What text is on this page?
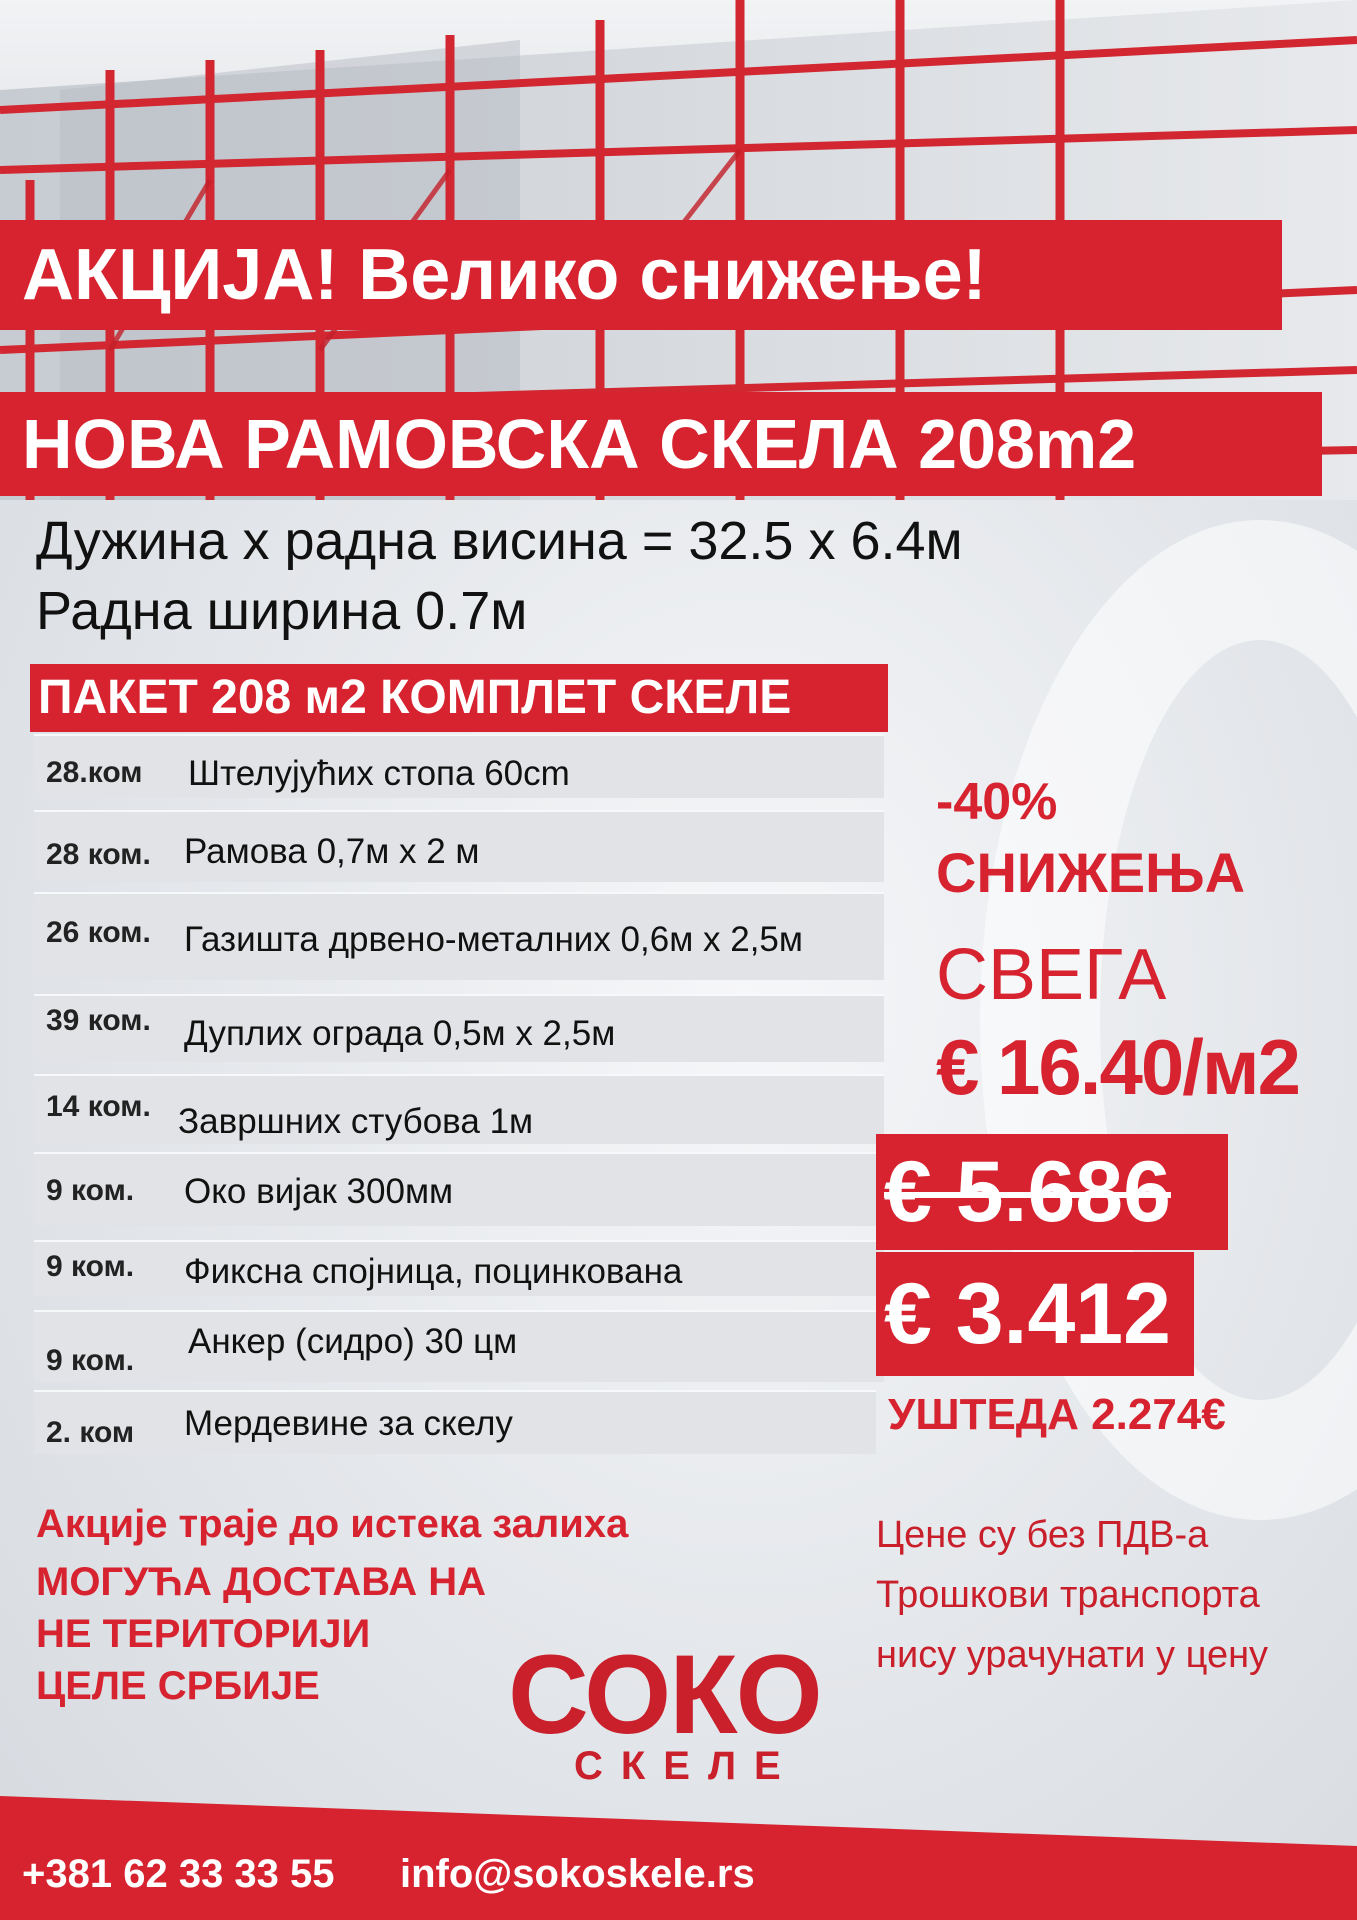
АКЦИЈА! Велико снижење!
НОВА РАМОВСКА СКЕЛА 208m2
Дужина x радна висина = 32.5 x 6.4м
Радна ширина 0.7м
ПАКЕТ 208 м2 КОМПЛЕТ СКЕЛЕ
28.ком Штелујућих стопа 60cm
28 ком. Рамова 0,7м x 2 м
26 ком. Газишта дрвено-металних 0,6м x 2,5м
39 ком. Дуплих ограда 0,5м x 2,5м
14 ком. Завршних стубова 1м
9 ком. Око вијак 300мм
9 ком. Фиксна спојница, поцинкована
9 ком. Анкер (сидро) 30 цм
2. ком Мердевине за скелу
-40%
СНИЖЕЊА
СВЕГА
€ 16.40/м2
€ 5.686
€ 3.412
УШТЕДА 2.274€
Акције траје до истека залиха
МОГУЋА ДОСТАВА НА
НЕ ТЕРИТОРИЈИ
ЦЕЛЕ СРБИЈЕ
Цене су без ПДВ-а
Трошкови транспорта
нису урачунати у цену
СОКО
СКЕЛЕ
+381 62 33 33 55 info@sokoskele.rs
